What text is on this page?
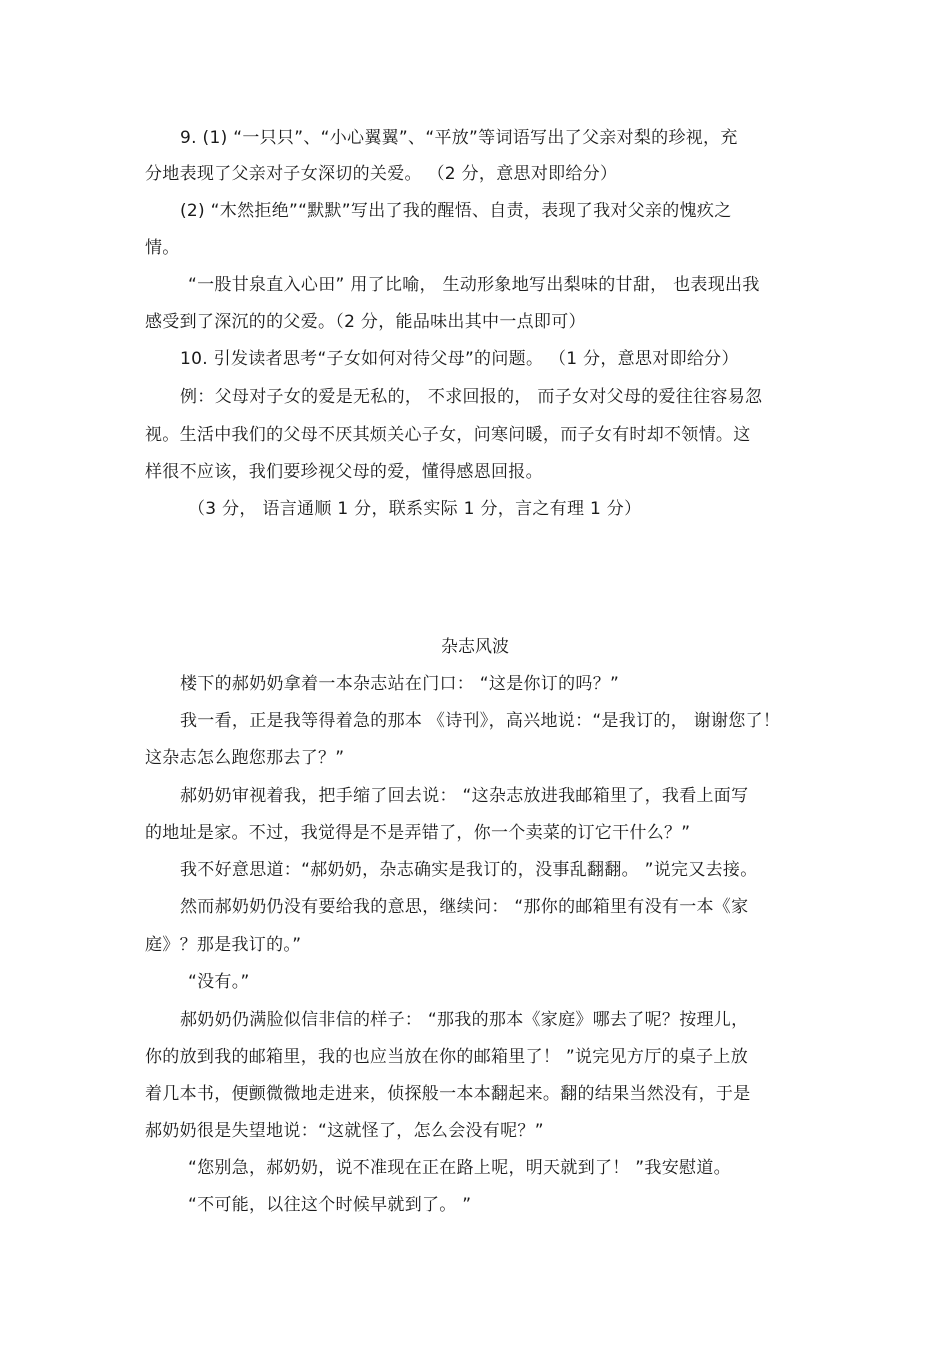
9. (1) “一只只”、“小心翼翼”、“平放”等词语写出了父亲对梨的珍视，充
分地表现了父亲对子女深切的关爱。 （2 分，意思对即给分）
(2) “木然拒绝”“默默”写出了我的醒悟、自责，表现了我对父亲的愧疚之
情。
“一股甘泉直入心田” 用了比喻， 生动形象地写出梨味的甘甜， 也表现出我
感受到了深沉的的父爱。（2 分，能品味出其中一点即可）
10. 引发读者思考“子女如何对待父母”的问题。 （1 分，意思对即给分）
例：父母对子女的爱是无私的， 不求回报的， 而子女对父母的爱往往容易忽
视。生活中我们的父母不厌其烦关心子女，问寒问暖，而子女有时却不领情。这
样很不应该，我们要珍视父母的爱，懂得感恩回报。
（3 分， 语言通顺 1 分，联系实际 1 分，言之有理 1 分）
杂志风波
楼下的郝奶奶拿着一本杂志站在门口： “这是你订的吗？”
我一看，正是我等得着急的那本 《诗刊》，高兴地说：“是我订的， 谢谢您了！
这杂志怎么跑您那去了？”
郝奶奶审视着我，把手缩了回去说： “这杂志放进我邮箱里了，我看上面写
的地址是家。不过，我觉得是不是弄错了，你一个卖菜的订它干什么？”
我不好意思道：“郝奶奶，杂志确实是我订的，没事乱翻翻。 ”说完又去接。
然而郝奶奶仍没有要给我的意思，继续问： “那你的邮箱里有没有一本《家
庭》？那是我订的。”
“没有。”
郝奶奶仍满脸似信非信的样子： “那我的那本《家庭》哪去了呢？按理儿，
你的放到我的邮箱里，我的也应当放在你的邮箱里了！ ”说完见方厅的桌子上放
着几本书，便颤微微地走进来，侦探般一本本翻起来。翻的结果当然没有，于是
郝奶奶很是失望地说：“这就怪了，怎么会没有呢？”
“您别急，郝奶奶，说不准现在正在路上呢，明天就到了！ ”我安慰道。
“不可能，以往这个时候早就到了。 ”
